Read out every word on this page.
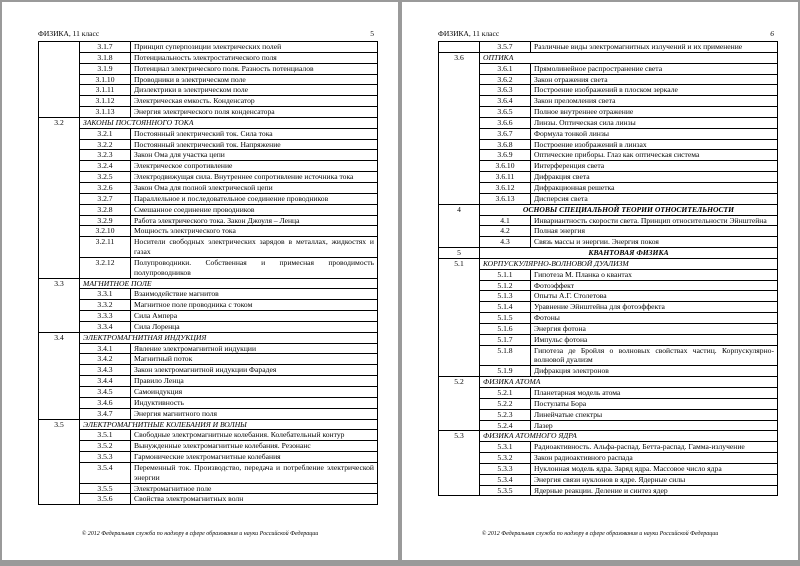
ФИЗИКА, 11 класс	5
	3.1.7	Принцип суперпозиции электрических полей
	3.1.8	Потенциальность электростатического поля
	3.1.9	Потенциал электрического поля. Разность потенциалов
	3.1.10	Проводники в электрическом поле
	3.1.11	Диэлектрики в электрическом поле
	3.1.12	Электрическая емкость. Конденсатор
	3.1.13	Энергия электрического поля конденсатора
3.2	ЗАКОНЫ ПОСТОЯННОГО ТОКА	
	3.2.1	Постоянный электрический ток. Сила тока
	3.2.2	Постоянный электрический ток. Напряжение
	3.2.3	Закон Ома для участка цепи
	3.2.4	Электрическое сопротивление
	3.2.5	Электродвижущая сила. Внутреннее сопротивление источника тока
	3.2.6	Закон Ома для полной электрической цепи
	3.2.7	Параллельное и последовательное соединение проводников
	3.2.8	Смешанное соединение проводников
	3.2.9	Работа электрического тока. Закон Джоуля – Ленца
	3.2.10	Мощность электрического тока
	3.2.11	Носители свободных электрических зарядов в металлах, жидкостях и газах
	3.2.12	Полупроводники. Собственная и примесная проводимость полупроводников
3.3	МАГНИТНОЕ ПОЛЕ	
	3.3.1	Взаимодействие магнитов
	3.3.2	Магнитное поле проводника с током
	3.3.3	Сила Ампера
	3.3.4	Сила Лоренца
3.4	ЭЛЕКТРОМАГНИТНАЯ ИНДУКЦИЯ	
	3.4.1	Явление электромагнитной индукции
	3.4.2	Магнитный поток
	3.4.3	Закон электромагнитной индукции Фарадея
	3.4.4	Правило Ленца
	3.4.5	Самоиндукция
	3.4.6	Индуктивность
	3.4.7	Энергия магнитного поля
3.5	ЭЛЕКТРОМАГНИТНЫЕ КОЛЕБАНИЯ И ВОЛНЫ	
	3.5.1	Свободные электромагнитные колебания. Колебательный контур
	3.5.2	Вынужденные электромагнитные колебания. Резонанс
	3.5.3	Гармонические электромагнитные колебания
	3.5.4	Переменный ток. Производство, передача и потребление электрической энергии
	3.5.5	Электромагнитное поле
	3.5.6	Свойства электромагнитных волн
© 2012 Федеральная служба по надзору в сфере образования и науки Российской Федерации
ФИЗИКА, 11 класс	6
	3.5.7	Различные виды электромагнитных излучений и их применение
3.6	ОПТИКА	
	3.6.1	Прямолинейное распространение света
	3.6.2	Закон отражения света
	3.6.3	Построение изображений в плоском зеркале
	3.6.4	Закон преломления света
	3.6.5	Полное внутреннее отражение
	3.6.6	Линзы. Оптическая сила линзы
	3.6.7	Формула тонкой линзы
	3.6.8	Построение изображений в линзах
	3.6.9	Оптические приборы. Глаз как оптическая система
	3.6.10	Интерференция света
	3.6.11	Дифракция света
	3.6.12	Дифракционная решетка
	3.6.13	Дисперсия света
4	ОСНОВЫ СПЕЦИАЛЬНОЙ ТЕОРИИ ОТНОСИТЕЛЬНОСТИ	
	4.1	Инвариантность скорости света. Принцип относительности Эйнштейна
	4.2	Полная энергия
	4.3	Связь массы и энергии. Энергия покоя
5	КВАНТОВАЯ ФИЗИКА	
5.1	КОРПУСКУЛЯРНО-ВОЛНОВОЙ ДУАЛИЗМ	
	5.1.1	Гипотеза М. Планка о квантах
	5.1.2	Фотоэффект
	5.1.3	Опыты А.Г. Столетова
	5.1.4	Уравнение Эйнштейна для фотоэффекта
	5.1.5	Фотоны
	5.1.6	Энергия фотона
	5.1.7	Импульс фотона
	5.1.8	Гипотеза де Бройля о волновых свойствах частиц. Корпускулярно-волновой дуализм
	5.1.9	Дифракция электронов
5.2	ФИЗИКА АТОМА	
	5.2.1	Планетарная модель атома
	5.2.2	Постулаты Бора
	5.2.3	Линейчатые спектры
	5.2.4	Лазер
5.3	ФИЗИКА АТОМНОГО ЯДРА	
	5.3.1	Радиоактивность. Альфа-распад. Бетта-распад. Гамма-излучение
	5.3.2	Закон радиоактивного распада
	5.3.3	Нуклонная модель ядра. Заряд ядра. Массовое число ядра
	5.3.4	Энергия связи нуклонов в ядре. Ядерные силы
	5.3.5	Ядерные реакции. Деление и синтез ядер
© 2012 Федеральная служба по надзору в сфере образования и науки Российской Федерации
